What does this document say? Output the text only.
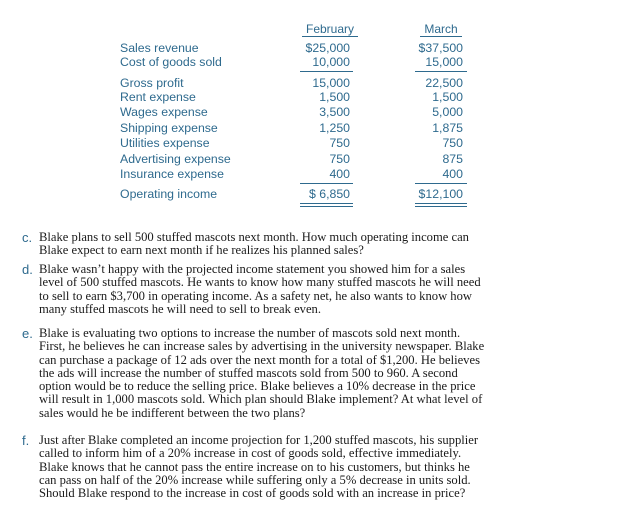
February	March
Sales revenue
Cost of goods sold
Gross profit
Rent expense
Wages expense
Shipping expense
Utilities expense
Advertising expense
Insurance expense
Operating income
$25,000
10,000
15,000
1,500
3,500
1,250
750
750
400
$ 6,850
$37,500
15,000
22,500
1,500
5,000
1,875
750
875
400
$12,100
c. Blake plans to sell 500 stuffed mascots next month. How much operating income can
Blake expect to earn next month if he realizes his planned sales?
d. Blake wasn’t happy with the projected income statement you showed him for a sales
level of 500 stuffed mascots. He wants to know how many stuffed mascots he will need
to sell to earn $3,700 in operating income. As a safety net, he also wants to know how
many stuffed mascots he will need to sell to break even.
e. Blake is evaluating two options to increase the number of mascots sold next month.
First, he believes he can increase sales by advertising in the university newspaper. Blake
can purchase a package of 12 ads over the next month for a total of $1,200. He believes
the ads will increase the number of stuffed mascots sold from 500 to 960. A second
option would be to reduce the selling price. Blake believes a 10% decrease in the price
will result in 1,000 mascots sold. Which plan should Blake implement? At what level of
sales would he be indifferent between the two plans?
f. Just after Blake completed an income projection for 1,200 stuffed mascots, his supplier
called to inform him of a 20% increase in cost of goods sold, effective immediately.
Blake knows that he cannot pass the entire increase on to his customers, but thinks he
can pass on half of the 20% increase while suffering only a 5% decrease in units sold.
Should Blake respond to the increase in cost of goods sold with an increase in price?
